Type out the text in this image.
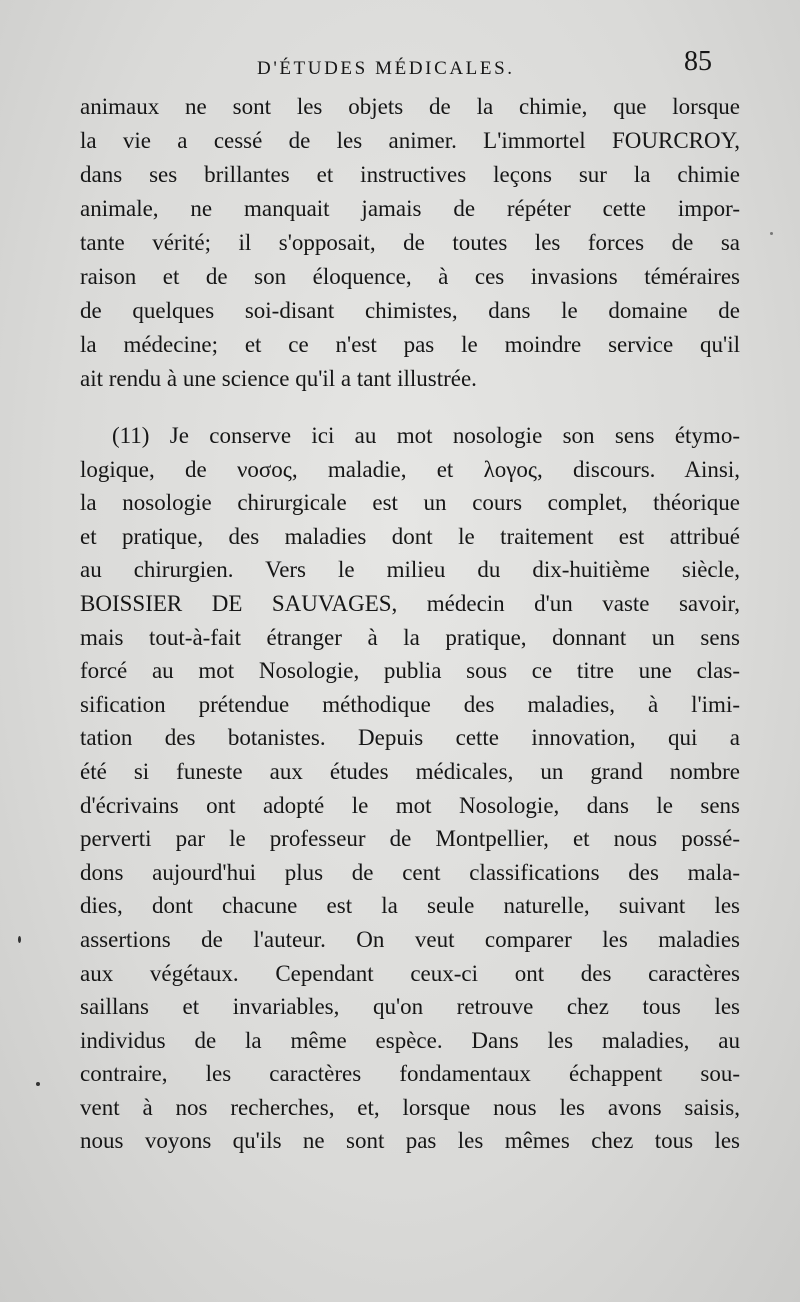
D'ÉTUDES MÉDICALES.	85
animaux ne sont les objets de la chimie, que lorsque
la vie a cessé de les animer. L'immortel FOURCROY,
dans ses brillantes et instructives leçons sur la chimie
animale, ne manquait jamais de répéter cette impor-
tante vérité; il s'opposait, de toutes les forces de sa
raison et de son éloquence, à ces invasions téméraires
de quelques soi-disant chimistes, dans le domaine de
la médecine; et ce n'est pas le moindre service qu'il
ait rendu à une science qu'il a tant illustrée.
(11) Je conserve ici au mot nosologie son sens étymo-
logique, de νοσος, maladie, et λογος, discours. Ainsi,
la nosologie chirurgicale est un cours complet, théorique
et pratique, des maladies dont le traitement est attribué
au chirurgien. Vers le milieu du dix-huitième siècle,
BOISSIER DE SAUVAGES, médecin d'un vaste savoir,
mais tout-à-fait étranger à la pratique, donnant un sens
forcé au mot Nosologie, publia sous ce titre une clas-
sification prétendue méthodique des maladies, à l'imi-
tation des botanistes. Depuis cette innovation, qui a
été si funeste aux études médicales, un grand nombre
d'écrivains ont adopté le mot Nosologie, dans le sens
perverti par le professeur de Montpellier, et nous possé-
dons aujourd'hui plus de cent classifications des mala-
dies, dont chacune est la seule naturelle, suivant les
assertions de l'auteur. On veut comparer les maladies
aux végétaux. Cependant ceux-ci ont des caractères
saillans et invariables, qu'on retrouve chez tous les
individus de la même espèce. Dans les maladies, au
contraire, les caractères fondamentaux échappent sou-
vent à nos recherches, et, lorsque nous les avons saisis,
nous voyons qu'ils ne sont pas les mêmes chez tous les
